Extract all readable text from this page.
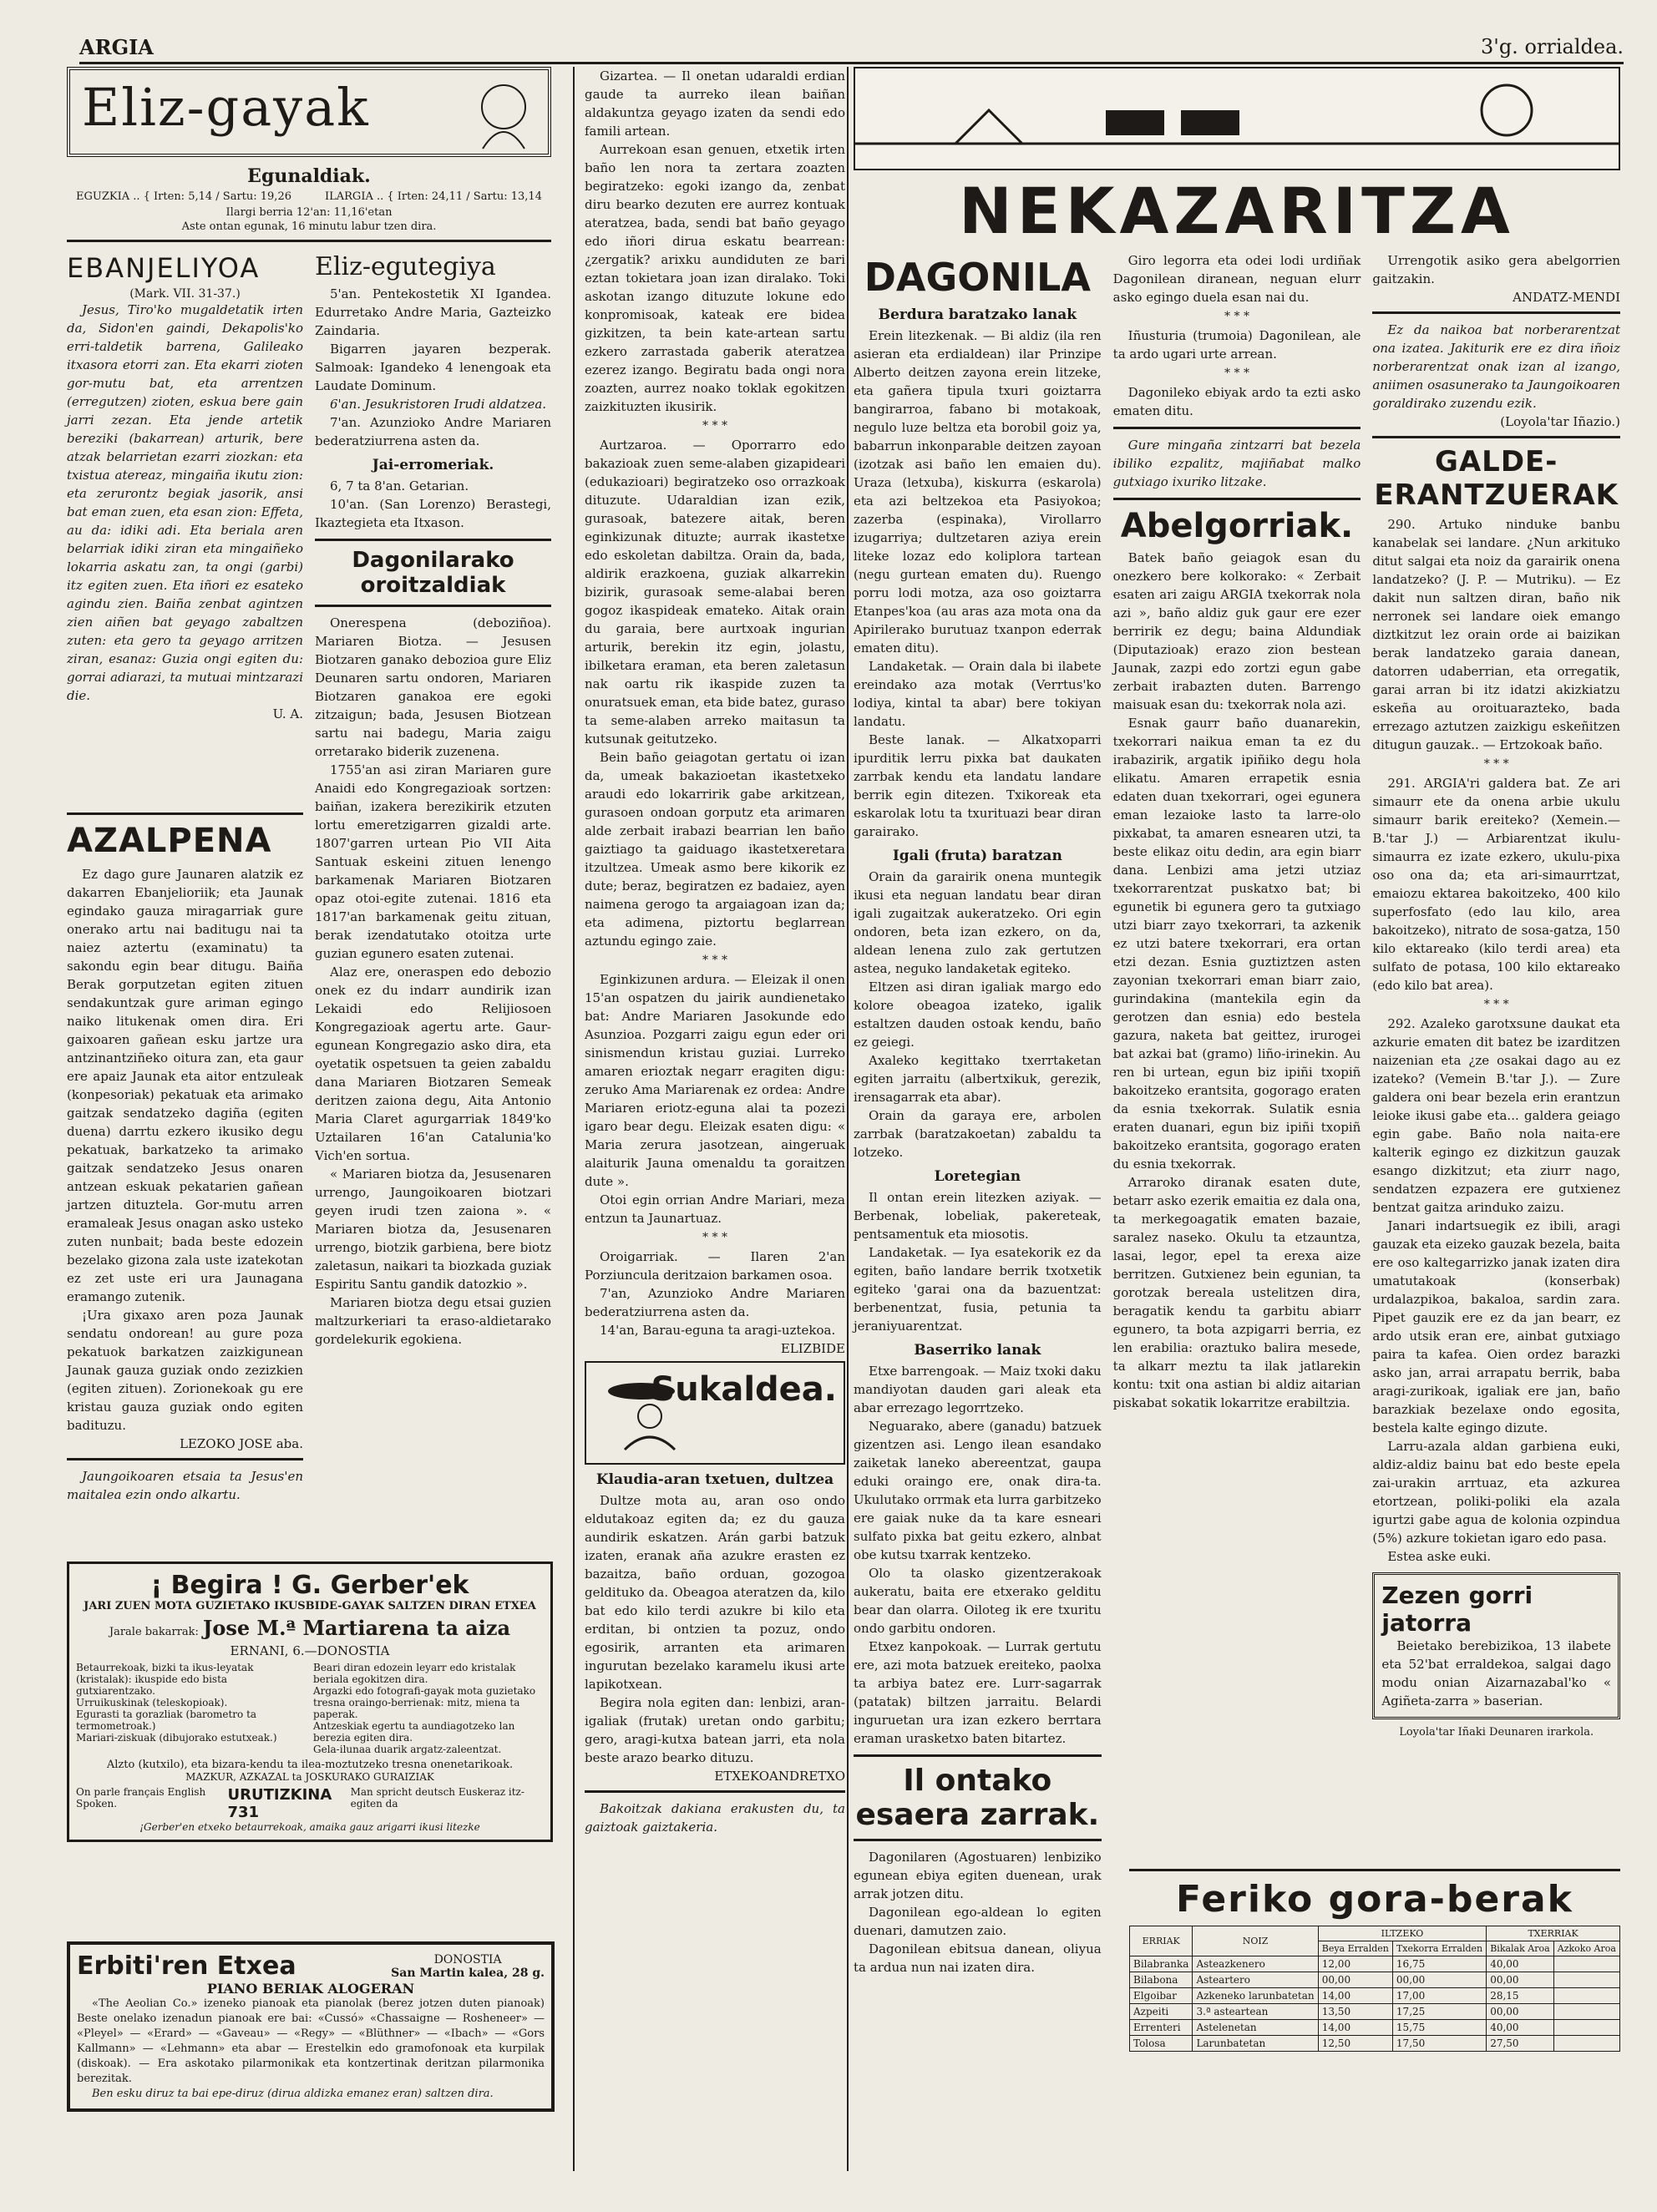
ARGIA	3'g. orrialdea.
Eliz-gayak
Egunaldiak.
EGUZKIA .. { Irten: 5,14 / Sartu: 19,26	ILARGIA .. { Irten: 24,11 / Sartu: 13,14
Ilargi berria 12'an: 11,16'etan
Aste ontan egunak, 16 minutu labur tzen dira.
EBANJELIYOA
(Mark. VII. 31-37.)

Jesus, Tiro'ko mugaldetatik irten da, Sidon'en gaindi, Dekapolis'ko erri-taldetik barrena, Galileako itxasora etorri zan. Eta ekarri zioten gor-mutu bat, eta arrentzen (erregutzen) zioten, eskua bere gain jarri zezan. Eta jende artetik bereziki (bakarrean) arturik, bere atzak belarrietan ezarri ziozkan: eta txistua atereaz, mingaiña ikutu zion: eta zerurontz begiak jasorik, ansi bat eman zuen, eta esan zion: Effeta, au da: idiki adi. Eta beriala aren belarriak idiki ziran eta mingaiñeko lokarria askatu zan, ta ongi (garbi) itz egiten zuen. Eta iñori ez esateko agindu zien. Baiña zenbat agintzen zien aiñen bat geyago zabaltzen zuten: eta gero ta geyago arritzen ziran, esanaz: Guzia ongi egiten du: gorrai adiarazi, ta mutuai mintzarazi die.

U. A.
Eliz-egutegiya

5'an. Pentekostetik XI Igandea. Edurretako Andre Maria, Gazteizko Zaindaria.

Bigarren jayaren bezperak. Salmoak: Igandeko 4 lenengoak eta Laudate Dominum.

6'an. Jesukristoren Irudi aldatzea.

7'an. Azunzioko Andre Mariaren bederatziurrena asten da.

Jai-erromeriak.

6, 7 ta 8'an. Getarian.

10'an. (San Lorenzo) Berastegi, Ikaztegieta eta Itxason.

Dagonilarako oroitzaldiak

Onerespena (deboziñoa). Mariaren Biotza. — Jesusen Biotzaren ganako debozioa gure Eliz Deunaren sartu ondoren, Mariaren Biotzaren ganakoa ere egoki zitzaigun; bada, Jesusen Biotzean sartu nai badegu, Maria zaigu orretarako biderik zuzenena.

1755'an asi ziran Mariaren gure Anaidi edo Kongregazioak sortzen: baiñan, izakera berezikirik etzuten lortu emeretzigarren gizaldi arte. 1807'garren urtean Pio VII Aita Santuak eskeini zituen lenengo barkamenak Mariaren Biotzaren opaz otoi-egite zutenai. 1816 eta 1817'an barkamenak geitu zituan, berak izendatutako otoitza urte guzian egunero esaten zutenai.

Alaz ere, oneraspen edo debozio onek ez du indarr aundirik izan Lekaidi edo Relijiosoen Kongregazioak agertu arte. Gaur-egunean Kongregazio asko dira, eta oyetatik ospetsuen ta geien zabaldu dana Mariaren Biotzaren Semeak deritzen zaiona degu, Aita Antonio Maria Claret agurgarriak 1849'ko Uztailaren 16'an Catalunia'ko Vich'en sortua.

« Mariaren biotza da, Jesusenaren urrengo, Jaungoikoaren biotzari geyen irudi tzen zaiona ». « Mariaren biotza da, Jesusenaren urrengo, biotzik garbiena, bere biotz zaletasun, naikari ta biozkada guziak Espiritu Santu gandik datozkio ».

Mariaren biotza degu etsai guzien maltzurkeriari ta eraso-aldietarako gordelekurik egokiena.

AZALPENA

Ez dago gure Jaunaren alatzik ez dakarren Ebanjelioriik; eta Jaunak egindako gauza miragarriak gure onerako artu nai baditugu nai ta naiez aztertu (examinatu) ta sakondu egin bear ditugu. Baiña Berak gorputzetan egiten zituen sendakuntzak gure ariman egingo naiko litukenak omen dira. Eri gaixoaren gañean esku jartze ura antzinantziñeko oitura zan, eta gaur ere apaiz Jaunak eta aitor entzuleak (konpesoriak) pekatuak eta arimako gaitzak sendatzeko dagiña (egiten duena) darrtu ezkero ikusiko degu pekatuak, barkatzeko ta arimako gaitzak sendatzeko Jesus onaren antzean eskuak pekatarien gañean jartzen dituztela. Gor-mutu arren eramaleak Jesus onagan asko usteko zuten nunbait; bada beste edozein bezelako gizona zala uste izatekotan ez zet uste eri ura Jaunagana eramango zutenik.

¡Ura gixaxo aren poza Jaunak sendatu ondorean! au gure poza pekatuok barkatzen zaizkigunean Jaunak gauza guziak ondo zezizkien (egiten zituen). Zorionekoak gu ere kristau gauza guziak ondo egiten badituzu.

LEZOKO JOSE aba.

Jaungoikoaren etsaia ta Jesus'en maitalea ezin ondo alkartu.

¡ Begira ! G. Gerber'ek
JARI ZUEN MOTA GUZIETAKO IKUSBIDE-GAYAK SALTZEN DIRAN ETXEA
Jarale bakarrak: Jose M.ª Martiarena ta aiza
ERNANI, 6.—DONOSTIA
Betaurrekoak, bizki ta ikus-leyatak (kristalak): ikuspide edo bista gutxiarentzako.
Urruikuskinak (teleskopioak).
Egurasti ta gorazliak (barometro ta termometroak.)
Mariari-ziskuak (dibujorako estutxeak.)
Beari diran edozein leyarr edo kristalak beriala egokitzen dira.
Argazki edo fotografi-gayak mota guzietako tresna oraingo-berrienak: mitz, miena ta paperak.
Antzeskiak egertu ta aundiagotzeko lan berezia egiten dira.
Gela-ilunaa duarik argatz-zaleentzat.
Alzto (kutxilo), eta bizara-kendu ta ilea-moztutzeko tresna onenetarikoak.
MAZKUR, AZKAZAL ta JOSKURAKO GURAIZIAK
On parle français English Spoken.	URUTIZKINA 731
Man spricht deutsch Euskeraz itz-egiten da
¡Gerber'en etxeko betaurrekoak, amaika gauz arigarri ikusi litezke
Erbiti'ren Etxea	DONOSTIA
San Martin kalea, 28 g.
PIANO BERIAK ALOGERAN

«The Aeolian Co.» izeneko pianoak eta pianolak (berez jotzen duten pianoak) Beste onelako izenadun pianoak ere bai: «Cussó» «Chassaigne — Rosheneer» — «Pleyel» — «Erard» — «Gaveau» — «Regy» — «Blüthner» — «Ibach» — «Gors Kallmann» — «Lehmann» eta abar — Erestelkin edo gramofonoak eta kurpilak (diskoak). — Era askotako pilarmonikak eta kontzertinak deritzan pilarmonika berezitak.

Ben esku diruz ta bai epe-diruz (dirua aldizka emanez eran) saltzen dira.

Gizartea. — Il onetan udaraldi erdian gaude ta aurreko ilean baiñan aldakuntza geyago izaten da sendi edo famili artean.

Aurrekoan esan genuen, etxetik irten baño len nora ta zertara zoazten begiratzeko: egoki izango da, zenbat diru bearko dezuten ere aurrez kontuak ateratzea, bada, sendi bat baño geyago edo iñori dirua eskatu bearrean: ¿zergatik? arixku aundiduten ze bari eztan tokietara joan izan diralako. Toki askotan izango dituzute lokune edo konpromisoak, kateak ere bidea gizkitzen, ta bein kate-artean sartu ezkero zarrastada gaberik ateratzea ezerez izango. Begiratu bada ongi nora zoazten, aurrez noako toklak egokitzen zaizkituzten ikusirik.

* * *

Aurtzaroa. — Oporrarro edo bakazioak zuen seme-alaben gizapideari (edukazioari) begiratzeko oso orrazkoak dituzute. Udaraldian izan ezik, gurasoak, batezere aitak, beren eginkizunak dituzte; aurrak ikastetxe edo eskoletan dabiltza. Orain da, bada, aldirik erazkoena, guziak alkarrekin bizirik, gurasoak seme-alabai beren gogoz ikaspideak emateko. Aitak orain du garaia, bere aurtxoak ingurian arturik, berekin itz egin, jolastu, ibilketara eraman, eta beren zaletasun nak oartu rik ikaspide zuzen ta onuratsuek eman, eta bide batez, guraso ta seme-alaben arreko maitasun ta kutsunak geitutzeko.

Bein baño geiagotan gertatu oi izan da, umeak bakazioetan ikastetxeko araudi edo lokarririk gabe arkitzean, gurasoen ondoan gorputz eta arimaren alde zerbait irabazi bearrian len baño gaiztiago ta gaiduago ikastetxeretara itzultzea. Umeak asmo bere kikorik ez dute; beraz, begiratzen ez badaiez, ayen naimena gerogo ta argaiagoan izan da; eta adimena, piztortu beglarrean aztundu egingo zaie.

* * *

Eginkizunen ardura. — Eleizak il onen 15'an ospatzen du jairik aundienetako bat: Andre Mariaren Jasokunde edo Asunzioa. Pozgarri zaigu egun eder ori sinismendun kristau guziai. Lurreko amaren erioztak negarr eragiten digu: zeruko Ama Mariarenak ez ordea: Andre Mariaren eriotz-eguna alai ta pozezi igaro bear degu. Eleizak esaten digu: « Maria zerura jasotzean, aingeruak alaiturik Jauna omenaldu ta goraitzen dute ».

Otoi egin orrian Andre Mariari, meza entzun ta Jaunartuaz.

* * *

Oroigarriak. — Ilaren 2'an Porziuncula deritzaion barkamen osoa.

7'an, Azunzioko Andre Mariaren bederatziurrena asten da.

14'an, Barau-eguna ta aragi-uztekoa.

ELIZBIDE
Sukaldea.
Klaudia-aran txetuen, dultzea

Dultze mota au, aran oso ondo eldutakoaz egiten da; ez du gauza aundirik eskatzen. Arán garbi batzuk izaten, eranak aña azukre erasten ez bazaitza, baño orduan, gozogoa geldituko da. Obeagoa ateratzen da, kilo bat edo kilo terdi azukre bi kilo eta erditan, bi ontzien ta pozuz, ondo egosirik, arranten eta arimaren ingurutan bezelako karamelu ikusi arte lapikotxean.

Begira nola egiten dan: lenbizi, aran-igaliak (frutak) uretan ondo garbitu; gero, aragi-kutxa batean jarri, eta nola beste arazo bearko dituzu.

ETXEKOANDRETXO

Bakoitzak dakiana erakusten du, ta gaiztoak gaiztakeria.

NEKAZARITZA
DAGONILA
Berdura baratzako lanak

Erein litezkenak. — Bi aldiz (ila ren asieran eta erdialdean) ilar Prinzipe Alberto deitzen zayona erein litzeke, eta gañera tipula txuri goiztarra bangirarroa, fabano bi motakoak, negulo luze beltza eta borobil goiz ya, babarrun inkonparable deitzen zayoan (izotzak asi baño len emaien du). Uraza (letxuba), kiskurra (eskarola) eta azi beltzekoa eta Pasiyokoa; zazerba (espinaka), Virollarro izugarriya; dultzetaren aziya erein liteke lozaz edo koliplora tartean (negu gurtean ematen du). Ruengo porru lodi motza, aza oso goiztarra Etanpes'koa (au aras aza mota ona da Apirilerako burutuaz txanpon ederrak ematen ditu).

Landaketak. — Orain dala bi ilabete ereindako aza motak (Verrtus'ko lodiya, kintal ta abar) bere tokiyan landatu.

Beste lanak. — Alkatxoparri ipurditik lerru pixka bat daukaten zarrbak kendu eta landatu landare berrik egin ditezen. Txikoreak eta eskarolak lotu ta txurituazi bear diran garairako.

Igali (fruta) baratzan

Orain da garairik onena muntegik ikusi eta neguan landatu bear diran igali zugaitzak aukeratzeko. Ori egin ondoren, beta izan ezkero, on da, aldean lenena zulo zak gertutzen astea, neguko landaketak egiteko.

Eltzen asi diran igaliak margo edo kolore obeagoa izateko, igalik estaltzen dauden ostoak kendu, baño ez geiegi.

Axaleko kegittako txerrtaketan egiten jarraitu (albertxikuk, gerezik, irensagarrak eta abar).

Orain da garaya ere, arbolen zarrbak (baratzakoetan) zabaldu ta lotzeko.

Loretegian

Il ontan erein litezken aziyak. — Berbenak, lobeliak, pakereteak, pentsamentuk eta miosotis.

Landaketak. — Iya esatekorik ez da egiten, baño landare berrik txotxetik egiteko 'garai ona da bazuentzat: berbenentzat, fusia, petunia ta jeraniyuarentzat.

Baserriko lanak

Etxe barrengoak. — Maiz txoki daku mandiyotan dauden gari aleak eta abar errezago legorrtzeko.

Neguarako, abere (ganadu) batzuek gizentzen asi. Lengo ilean esandako zaiketak laneko abereentzat, gaupa eduki oraingo ere, onak dira-ta. Ukulutako orrmak eta lurra garbitzeko ere gaiak nuke da ta kare esneari sulfato pixka bat geitu ezkero, alnbat obe kutsu txarrak kentzeko.

Olo ta olasko gizentzerakoak aukeratu, baita ere etxerako gelditu bear dan olarra. Oiloteg ik ere txuritu ondo garbitu ondoren.

Etxez kanpokoak. — Lurrak gertutu ere, azi mota batzuek ereiteko, paolxa ta arbiya batez ere. Lurr-sagarrak (patatak) biltzen jarraitu. Belardi inguruetan ura izan ezkero berrtara eraman urasketxo baten bitartez.

Il ontako esaera zarrak.

Dagonilaren (Agostuaren) lenbiziko egunean ebiya egiten duenean, urak arrak jotzen ditu.

Dagonilean ego-aldean lo egiten duenari, damutzen zaio.

Dagonilean ebitsua danean, oliyua ta ardua nun nai izaten dira.

Giro legorra eta odei lodi urdiñak Dagonilean diranean, neguan elurr asko egingo duela esan nai du.

* * *

Iñusturia (trumoia) Dagonilean, ale ta ardo ugari urte arrean.

* * *

Dagonileko ebiyak ardo ta ezti asko ematen ditu.

Gure mingaña zintzarri bat bezela ibiliko ezpalitz, majiñabat malko gutxiago ixuriko litzake.

Abelgorriak.

Batek baño geiagok esan du onezkero bere kolkorako: « Zerbait esaten ari zaigu ARGIA txekorrak nola azi », baño aldiz guk gaur ere ezer berririk ez degu; baina Aldundiak (Diputazioak) erazo zion bestean Jaunak, zazpi edo zortzi egun gabe zerbait irabazten duten. Barrengo maisuak esan du: txekorrak nola azi.

Esnak gaurr baño duanarekin, txekorrari naikua eman ta ez du irabazirik, argatik ipiñiko degu hola elikatu. Amaren errapetik esnia edaten duan txekorrari, ogei egunera eman lezaioke lasto ta larre-olo pixkabat, ta amaren esnearen utzi, ta beste elikaz oitu dedin, ara egin biarr dana. Lenbizi ama jetzi utziaz txekorrarentzat puskatxo bat; bi egunetik bi egunera gero ta gutxiago utzi biarr zayo txekorrari, ta azkenik ez utzi batere txekorrari, era ortan etzi dezan. Esnia guztiztzen asten zayonian txekorrari eman biarr zaio, gurindakina (mantekila egin da gerotzen dan esnia) edo bestela gazura, naketa bat geittez, irurogei bat azkai bat (gramo) liño-irinekin. Au ren bi urtean, egun biz ipiñi txopiñ bakoitzeko erantsita, gogorago eraten da esnia txekorrak. Sulatik esnia eraten duanari, egun biz ipiñi txopiñ bakoitzeko erantsita, gogorago eraten du esnia txekorrak.

Arraroko diranak esaten dute, betarr asko ezerik emaitia ez dala ona, ta merkegoagatik ematen bazaie, saralez naseko. Okulu ta etzauntza, lasai, legor, epel ta erexa aize berritzen. Gutxienez bein egunian, ta gorotzak bereala ustelitzen dira, beragatik kendu ta garbitu abiarr egunero, ta bota azpigarri berria, ez len erabilia: oraztuko balira mesede, ta alkarr meztu ta ilak jatlarekin kontu: txit ona astian bi aldiz aitarian piskabat sokatik lokarritze erabiltzia.

Urrengotik asiko gera abelgorrien gaitzakin.

ANDATZ-MENDI

Ez da naikoa bat norberarentzat ona izatea. Jakiturik ere ez dira iñoiz norberarentzat onak izan al izango, aniimen osasunerako ta Jaungoikoaren goraldirako zuzendu ezik.

(Loyola'tar Iñazio.)
GALDE-ERANTZUERAK

290. Artuko ninduke banbu kanabelak sei landare. ¿Nun arkituko ditut salgai eta noiz da garairik onena landatzeko? (J. P. — Mutriku). — Ez dakit nun saltzen diran, baño nik nerronek sei landare oiek emango diztkitzut lez orain orde ai baizikan berak landatzeko garaia danean, datorren udaberrian, eta orregatik, garai arran bi itz idatzi akizkiatzu eskeña au oroituarazteko, bada errezago aztutzen zaizkigu eskeñitzen ditugun gauzak.. — Ertzokoak baño.

* * *

291. ARGIA'ri galdera bat. Ze ari simaurr ete da onena arbie ukulu simaurr barik ereiteko? (Xemein.— B.'tar J.) — Arbiarentzat ikulu-simaurra ez izate ezkero, ukulu-pixa oso ona da; eta ari-simaurrtzat, emaiozu ektarea bakoitzeko, 400 kilo superfosfato (edo lau kilo, area bakoitzeko), nitrato de sosa-gatza, 150 kilo ektareako (kilo terdi area) eta sulfato de potasa, 100 kilo ektareako (edo kilo bat area).

* * *

292. Azaleko garotxsune daukat eta azkurie ematen dit batez be izarditzen naizenian eta ¿ze osakai dago au ez izateko? (Vemein B.'tar J.). — Zure galdera oni bear bezela erin erantzun leioke ikusi gabe eta... galdera geiago egin gabe. Baño nola naita-ere kalterik egingo ez dizkitzun gauzak esango dizkitzut; eta ziurr nago, sendatzen ezpazera ere gutxienez bentzat gaitza arinduko zaizu.

Janari indartsuegik ez ibili, aragi gauzak eta eizeko gauzak bezela, baita ere oso kaltegarrizko janak izaten dira umatutakoak (konserbak) urdalazpikoa, bakaloa, sardin zara. Pipet gauzik ere ez da jan bearr, ez ardo utsik eran ere, ainbat gutxiago paira ta kafea. Oien ordez barazki asko jan, arrai arrapatu berrik, baba aragi-zurikoak, igaliak ere jan, baño barazkiak bezelaxe ondo egosita, bestela kalte egingo dizute.

Larru-azala aldan garbiena euki, aldiz-aldiz bainu bat edo beste epela zai-urakin arrtuaz, eta azkurea etortzean, poliki-poliki ela azala igurtzi gabe agua de kolonia ozpindua (5%) azkure tokietan igaro edo pasa.

Estea aske euki.

Zezen gorri jatorra

Beietako berebizikoa, 13 ilabete eta 52'bat erraldekoa, salgai dago modu onian Aizarnazabal'ko « Agiñeta-zarra » baserian.

Loyola'tar Iñaki Deunaren irarkola.
Feriko gora-berak
ERRIAK	NOIZ	ILTZEKO		TXERRIAK	
		Beya Erralden	Txekorra Erralden	Bikalak Aroa	Azkoko Aroa
Bilabranka	Asteazkenero	12,00	16,75	40,00	
Bilabona	Asteartero	00,00	00,00	00,00	
Elgoibar	Azkeneko larunbatetan	14,00	17,00	28,15	
Azpeiti	3.ª asteartean	13,50	17,25	00,00	
Errenteri	Astelenetan	14,00	15,75	40,00	
Tolosa	Larunbatetan	12,50	17,50	27,50	
